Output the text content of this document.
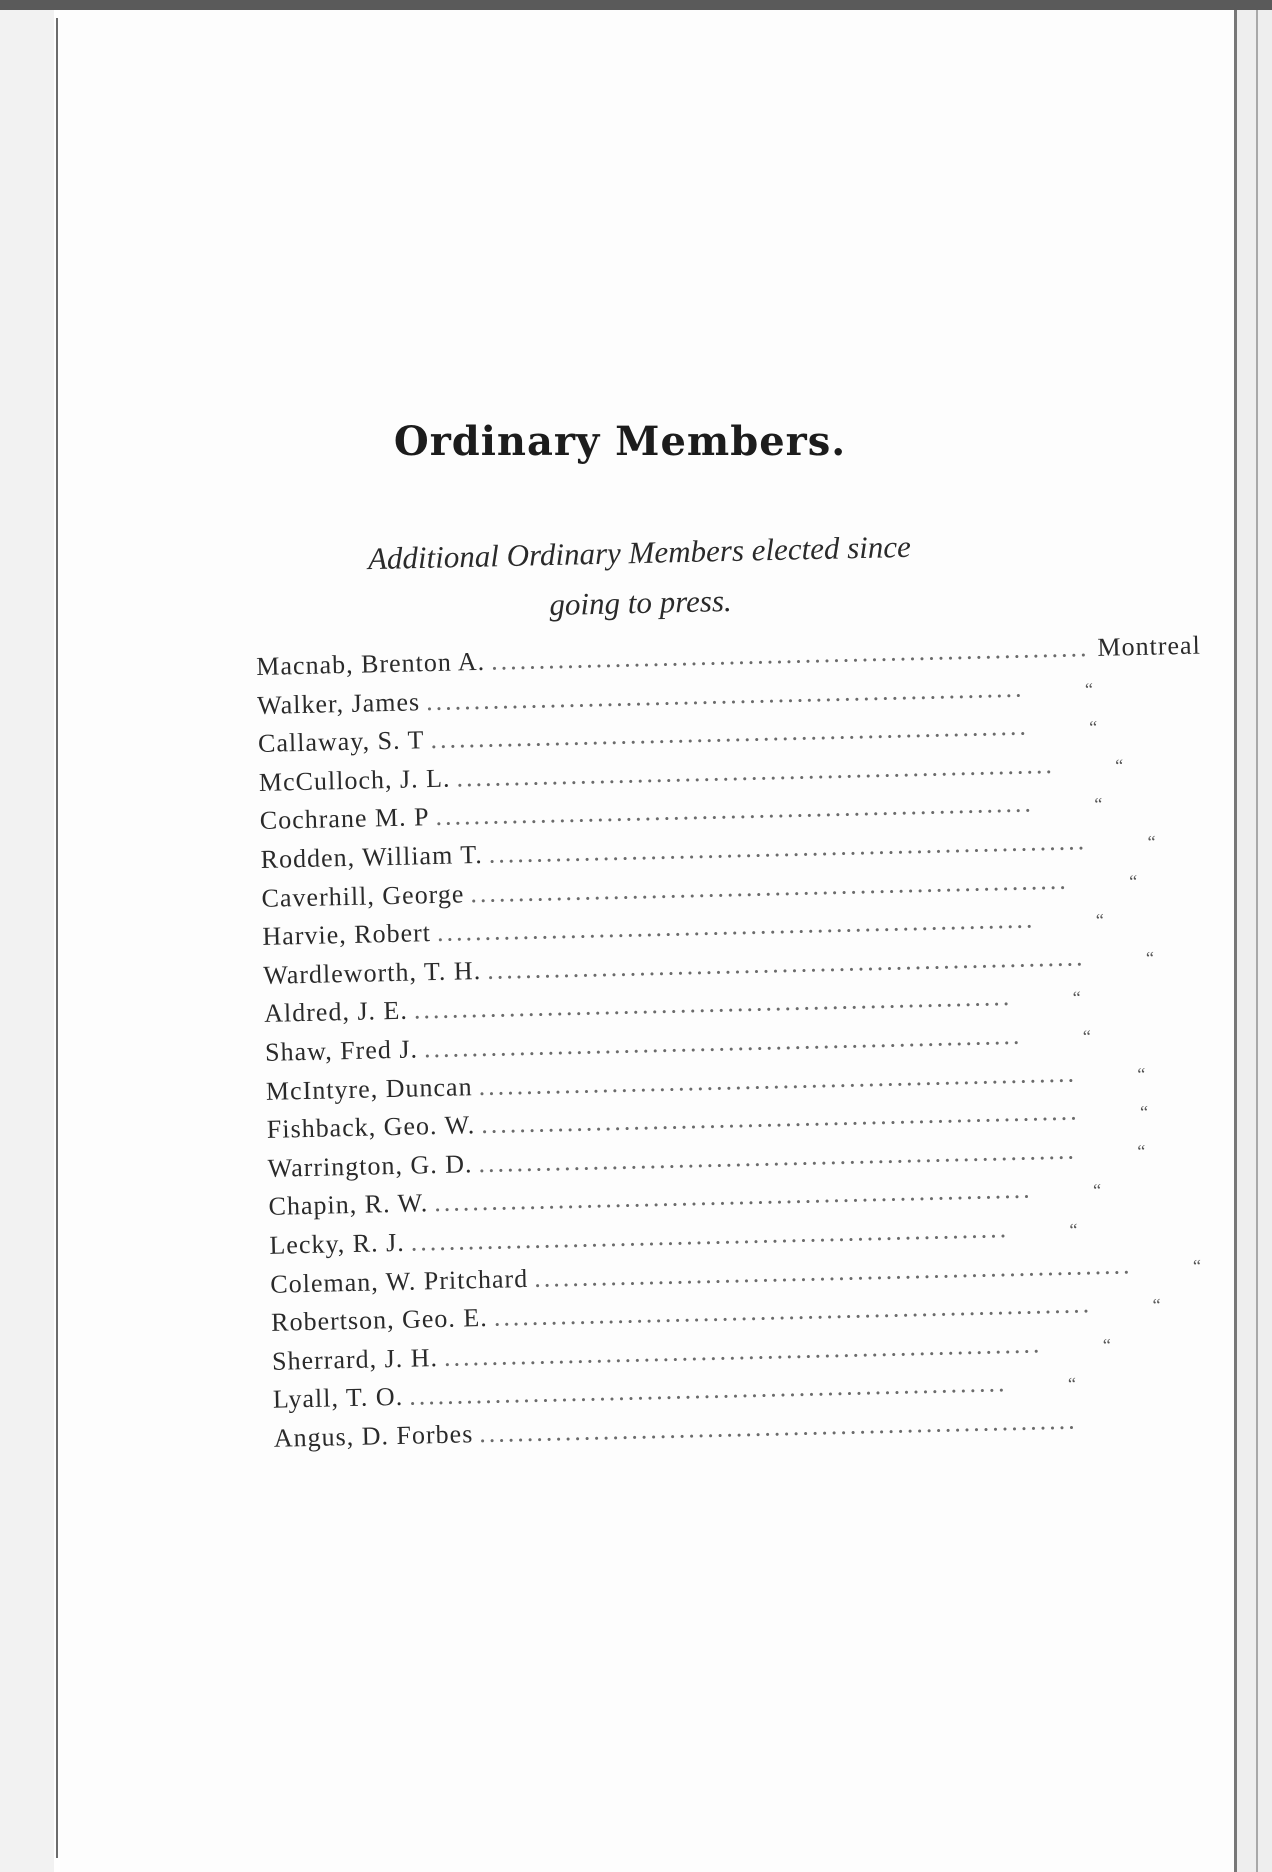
Ordinary Members.
Additional Ordinary Members elected since
going to press.
Macnab, Brenton A. ............................................................... Montreal
Walker, James ...............................................................	“
Callaway, S. T ...............................................................	“
McCulloch, J. L. ...............................................................	“
Cochrane M. P ...............................................................	“
Rodden, William T. ...............................................................	“
Caverhill, George ...............................................................	“
Harvie, Robert ...............................................................	“
Wardleworth, T. H. ...............................................................	“
Aldred, J. E. ...............................................................	“
Shaw, Fred J. ...............................................................	“
McIntyre, Duncan ...............................................................	“
Fishback, Geo. W. ...............................................................	“
Warrington, G. D. ...............................................................	“
Chapin, R. W. ...............................................................	“
Lecky, R. J. ...............................................................	“
Coleman, W. Pritchard ...............................................................	“
Robertson, Geo. E. ...............................................................	“
Sherrard, J. H. ...............................................................	“
Lyall, T. O. ...............................................................	“
Angus, D. Forbes ...............................................................
